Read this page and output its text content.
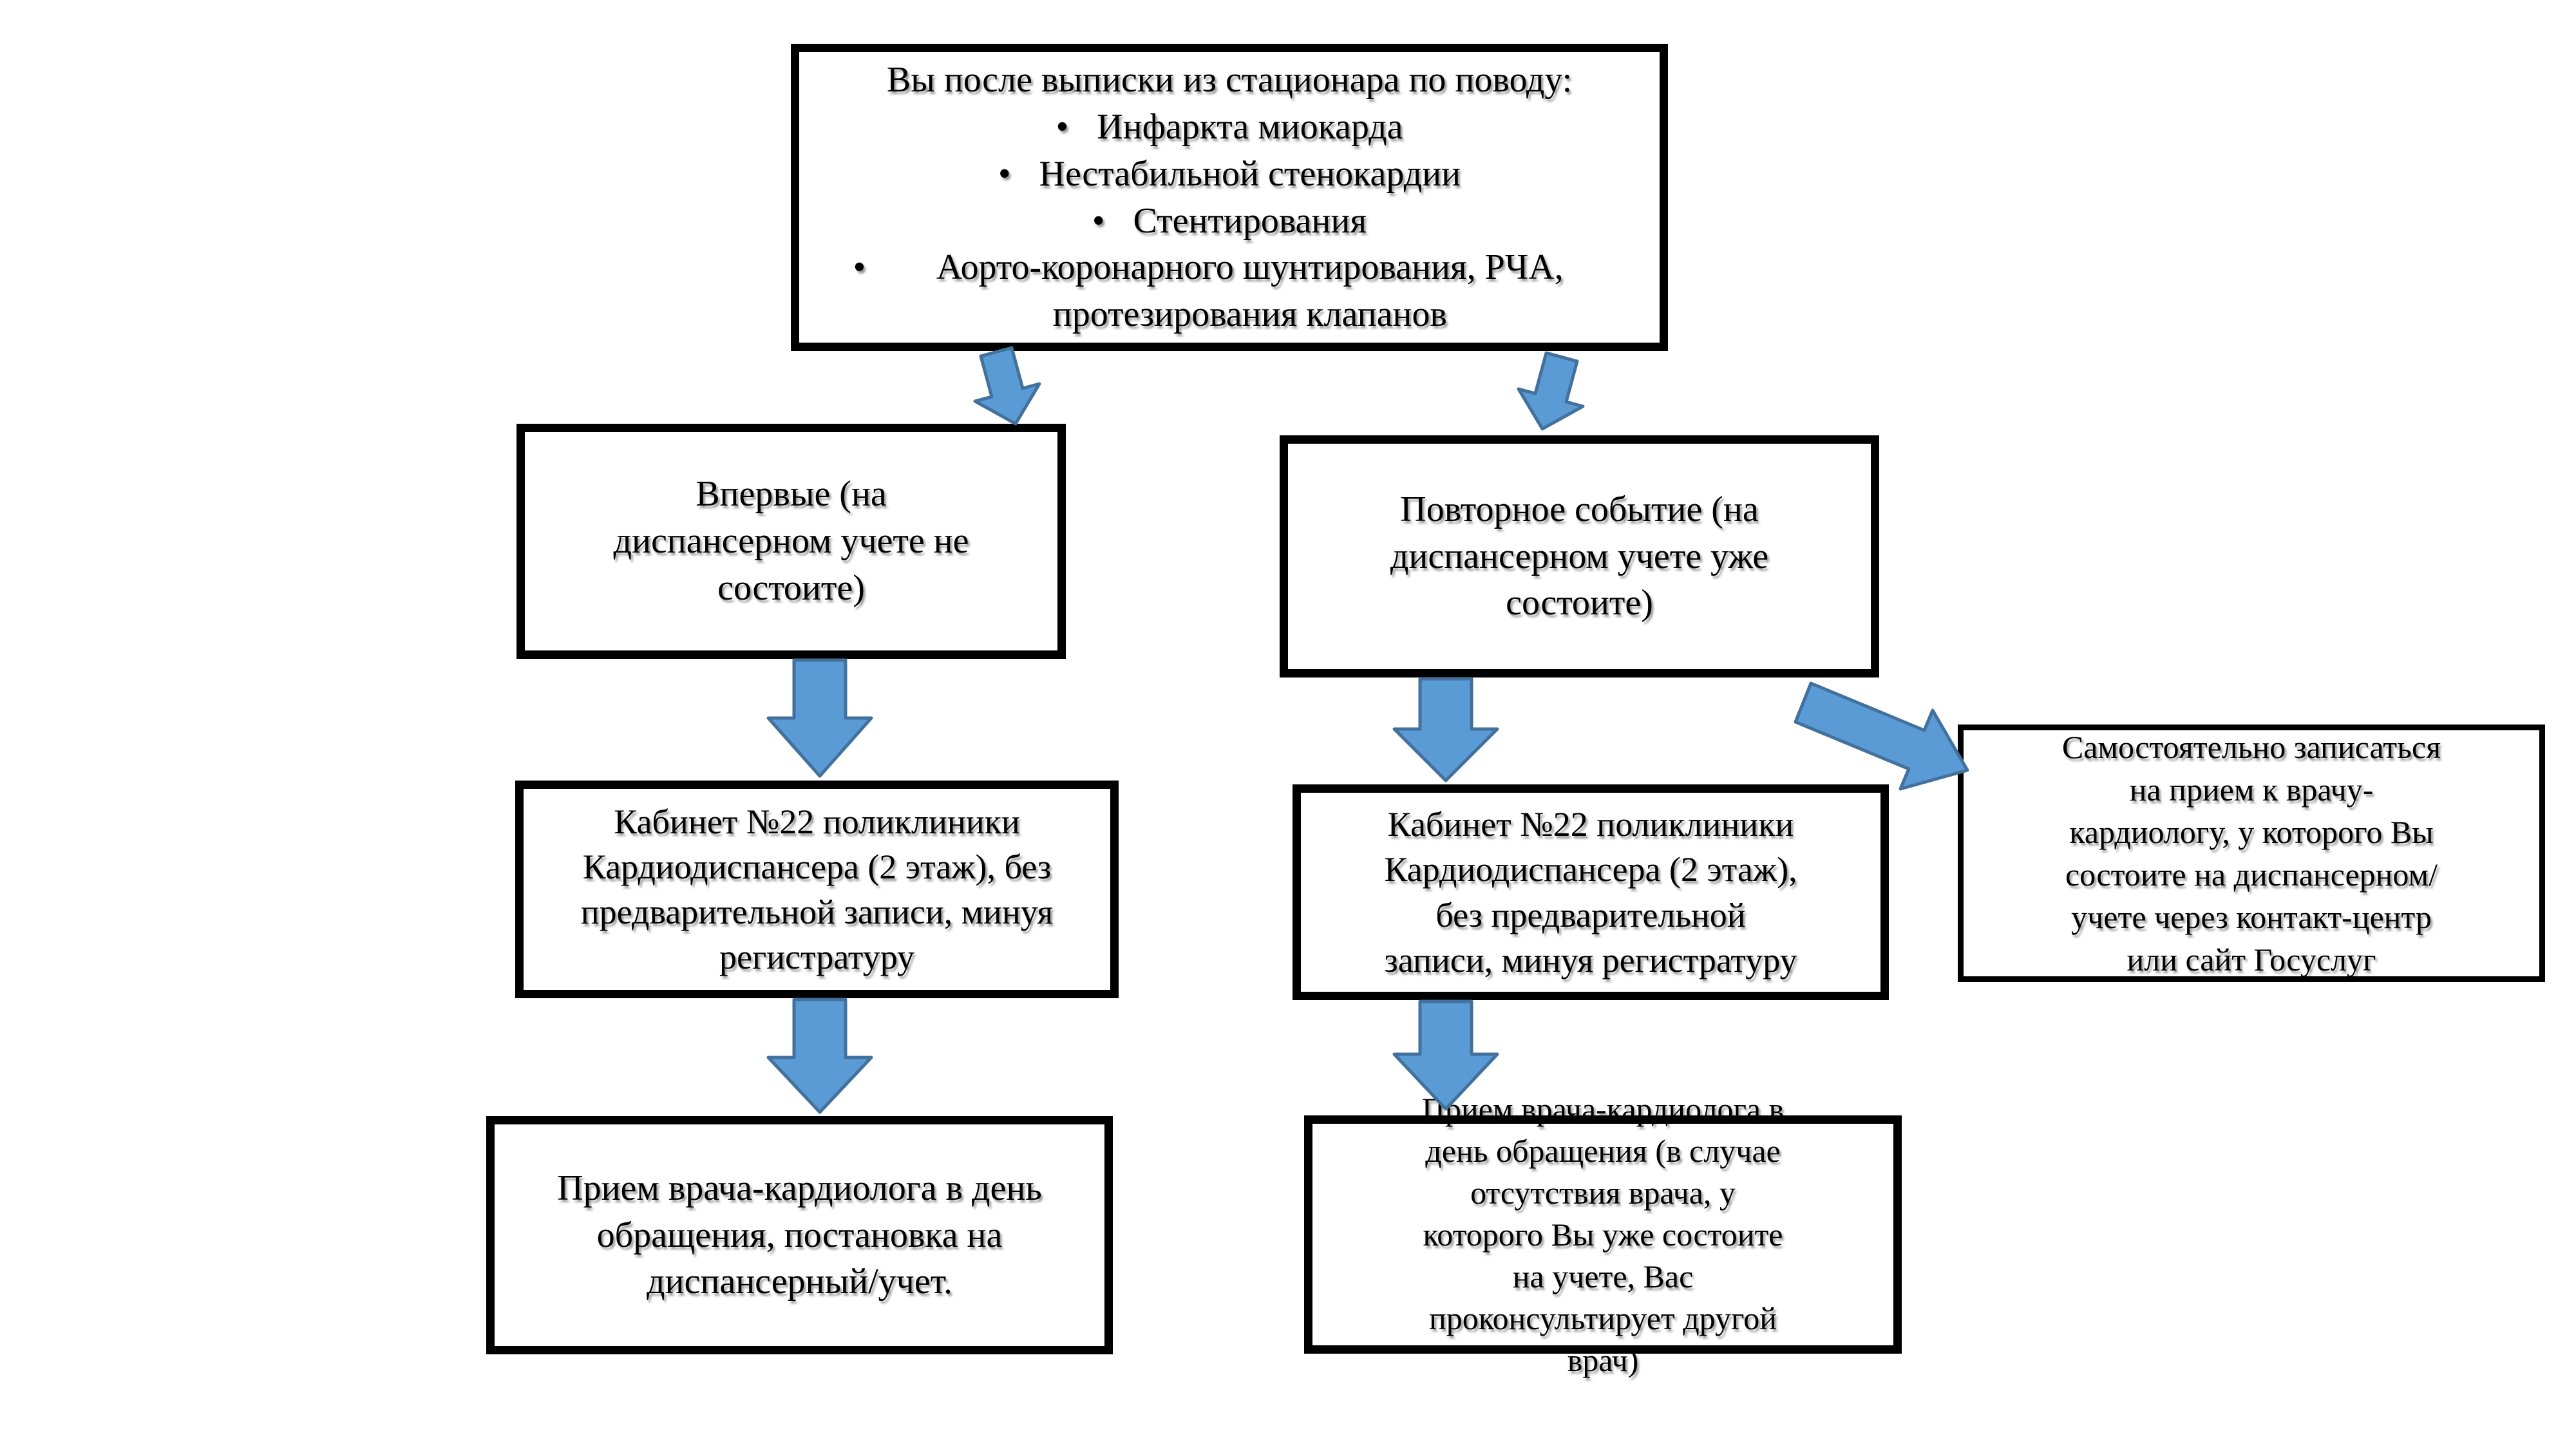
Вы после выписки из стационара по поводу:
• Инфаркта миокарда
• Нестабильной стенокардии
• Стентирования
•	Аорто-коронарного шунтирования, РЧА, протезирования клапанов
Впервые (на диспансерном учете не состоите)
Повторное событие (на диспансерном учете уже состоите)
Кабинет №22 поликлиники Кардиодиспансера (2 этаж), без предварительной записи, минуя регистратуру
Кабинет №22 поликлиники Кардиодиспансера (2 этаж), без предварительной записи, минуя регистратуру
Самостоятельно записаться на прием к врачу-кардиологу, у которого Вы состоите на диспансерном/учете через контакт-центр или сайт Госуслуг
Прием врача-кардиолога в день обращения, постановка на диспансерный/учет.
Прием врача-кардиолога в день обращения (в случае отсутствия врача, у которого Вы уже состоите на учете, Вас проконсультирует другой врач)
